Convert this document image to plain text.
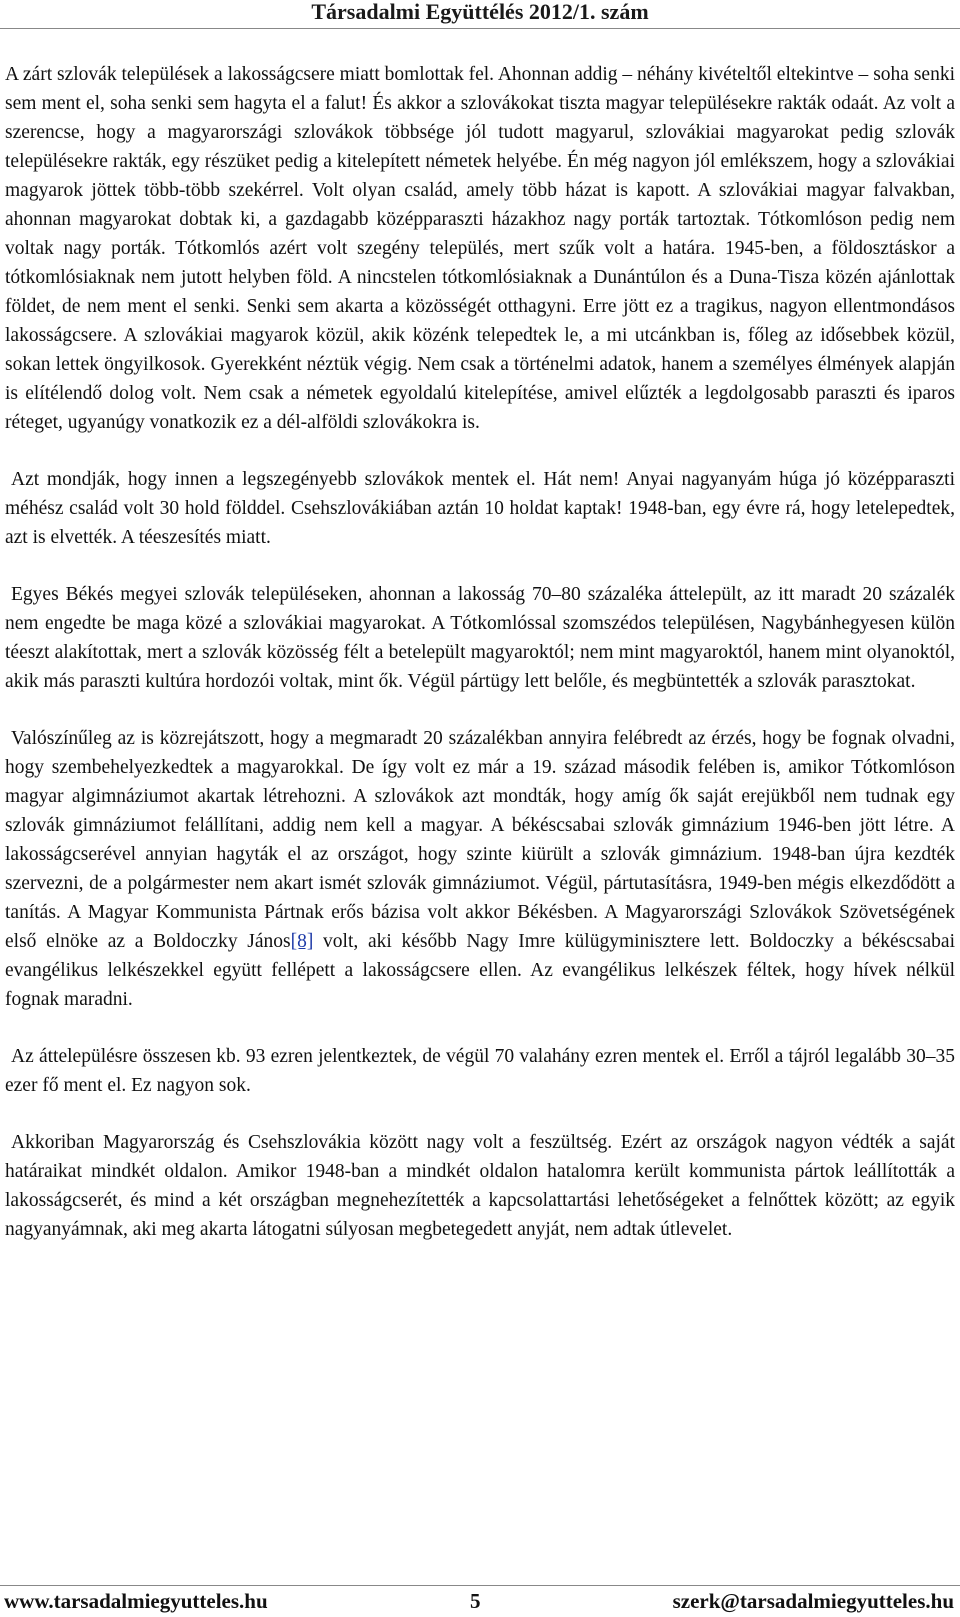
Társadalmi Együttélés 2012/1. szám

A zárt szlovák települések a lakosságcsere miatt bomlottak fel. Ahonnan addig – néhány kivételtől eltekintve – soha senki sem ment el, soha senki sem hagyta el a falut! És akkor a szlovákokat tiszta magyar településekre rakták odaát. Az volt a szerencse, hogy a magyarországi szlovákok többsége jól tudott magyarul, szlovákiai magyarokat pedig szlovák településekre rakták, egy részüket pedig a kitelepített németek helyébe. Én még nagyon jól emlékszem, hogy a szlovákiai magyarok jöttek több-több szekérrel. Volt olyan család, amely több házat is kapott. A szlovákiai magyar falvakban, ahonnan magyarokat dobtak ki, a gazdagabb középparaszti házakhoz nagy porták tartoztak. Tótkomlóson pedig nem voltak nagy porták. Tótkomlós azért volt szegény település, mert szűk volt a határa. 1945-ben, a földosztáskor a tótkomlósiaknak nem jutott helyben föld. A nincstelen tótkomlósiaknak a Dunántúlon és a Duna-Tisza közén ajánlottak földet, de nem ment el senki. Senki sem akarta a közösségét otthagyni. Erre jött ez a tragikus, nagyon ellentmondásos lakosságcsere. A szlovákiai magyarok közül, akik közénk telepedtek le, a mi utcánkban is, főleg az idősebbek közül, sokan lettek öngyilkosok. Gyerekként néztük végig. Nem csak a történelmi adatok, hanem a személyes élmények alapján is elítélendő dolog volt. Nem csak a németek egyoldalú kitelepítése, amivel elűzték a legdolgosabb paraszti és iparos réteget, ugyanúgy vonatkozik ez a dél-alföldi szlovákokra is.

Azt mondják, hogy innen a legszegényebb szlovákok mentek el. Hát nem! Anyai nagyanyám húga jó középparaszti méhész család volt 30 hold földdel. Csehszlovákiában aztán 10 holdat kaptak! 1948-ban, egy évre rá, hogy letelepedtek, azt is elvették. A téeszesítés miatt.

Egyes Békés megyei szlovák településeken, ahonnan a lakosság 70–80 százaléka áttelepült, az itt maradt 20 százalék nem engedte be maga közé a szlovákiai magyarokat. A Tótkomlóssal szomszédos településen, Nagybánhegyesen külön téeszt alakítottak, mert a szlovák közösség félt a betelepült magyaroktól; nem mint magyaroktól, hanem mint olyanoktól, akik más paraszti kultúra hordozói voltak, mint ők. Végül pártügy lett belőle, és megbüntették a szlovák parasztokat.

Valószínűleg az is közrejátszott, hogy a megmaradt 20 százalékban annyira felébredt az érzés, hogy be fognak olvadni, hogy szembehelyezkedtek a magyarokkal. De így volt ez már a 19. század második felében is, amikor Tótkomlóson magyar algimnáziumot akartak létrehozni. A szlovákok azt mondták, hogy amíg ők saját erejükből nem tudnak egy szlovák gimnáziumot felállítani, addig nem kell a magyar. A békéscsabai szlovák gimnázium 1946-ben jött létre. A lakosságcserével annyian hagyták el az országot, hogy szinte kiürült a szlovák gimnázium. 1948-ban újra kezdték szervezni, de a polgármester nem akart ismét szlovák gimnáziumot. Végül, pártutasításra, 1949-ben mégis elkezdődött a tanítás. A Magyar Kommunista Pártnak erős bázisa volt akkor Békésben. A Magyarországi Szlovákok Szövetségének első elnöke az a Boldoczky János[8] volt, aki később Nagy Imre külügyminisztere lett. Boldoczky a békéscsabai evangélikus lelkészekkel együtt fellépett a lakosságcsere ellen. Az evangélikus lelkészek féltek, hogy hívek nélkül fognak maradni.

Az áttelepülésre összesen kb. 93 ezren jelentkeztek, de végül 70 valahány ezren mentek el. Erről a tájról legalább 30–35 ezer fő ment el. Ez nagyon sok.

Akkoriban Magyarország és Csehszlovákia között nagy volt a feszültség. Ezért az országok nagyon védték a saját határaikat mindkét oldalon. Amikor 1948-ban a mindkét oldalon hatalomra került kommunista pártok leállították a lakosságcserét, és mind a két országban megnehezítették a kapcsolattartási lehetőségeket a felnőttek között; az egyik nagyanyámnak, aki meg akarta látogatni súlyosan megbetegedett anyját, nem adtak útlevelet.

www.tarsadalmiegyutteles.hu	5	szerk@tarsadalmiegyutteles.hu
